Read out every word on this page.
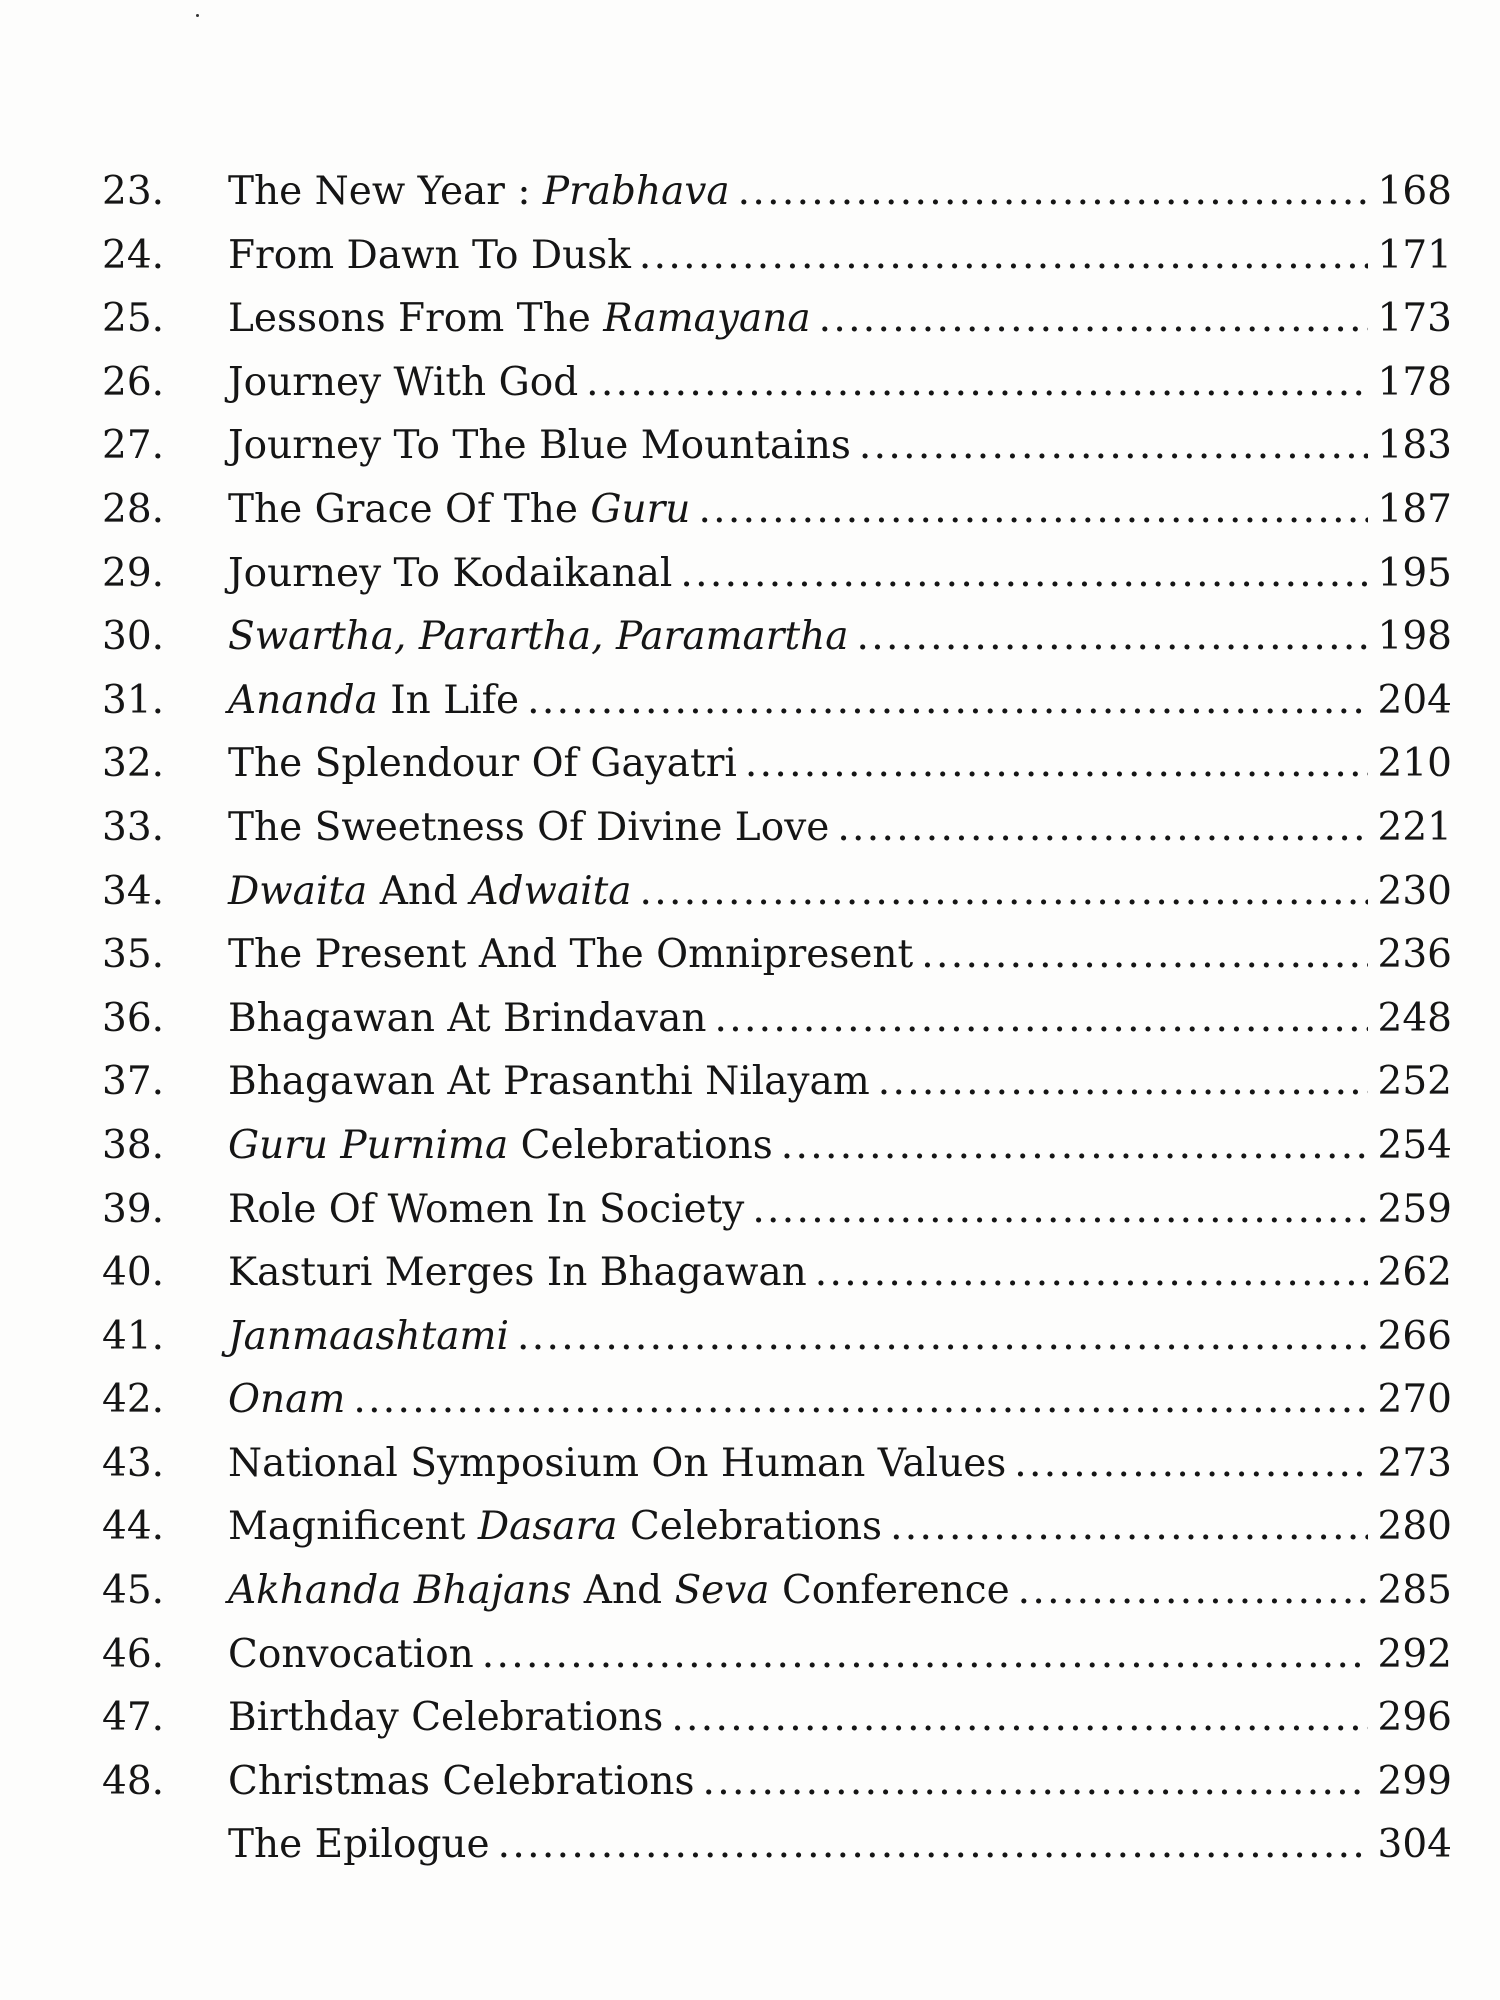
23.	The New Year : Prabhava .....	168
24.	From Dawn To Dusk .....	171
25.	Lessons From The Ramayana .....	173
26.	Journey With God .....	178
27.	Journey To The Blue Mountains .....	183
28.	The Grace Of The Guru .....	187
29.	Journey To Kodaikanal .....	195
30.	Swartha, Parartha, Paramartha .....	198
31.	Ananda In Life .....	204
32.	The Splendour Of Gayatri .....	210
33.	The Sweetness Of Divine Love .....	221
34.	Dwaita And Adwaita .....	230
35.	The Present And The Omnipresent .....	236
36.	Bhagawan At Brindavan .....	248
37.	Bhagawan At Prasanthi Nilayam .....	252
38.	Guru Purnima Celebrations .....	254
39.	Role Of Women In Society .....	259
40.	Kasturi Merges In Bhagawan .....	262
41.	Janmaashtami .....	266
42.	Onam .....	270
43.	National Symposium On Human Values .....	273
44.	Magnificent Dasara Celebrations .....	280
45.	Akhanda Bhajans And Seva Conference .....	285
46.	Convocation .....	292
47.	Birthday Celebrations .....	296
48.	Christmas Celebrations .....	299
The Epilogue .....	304
